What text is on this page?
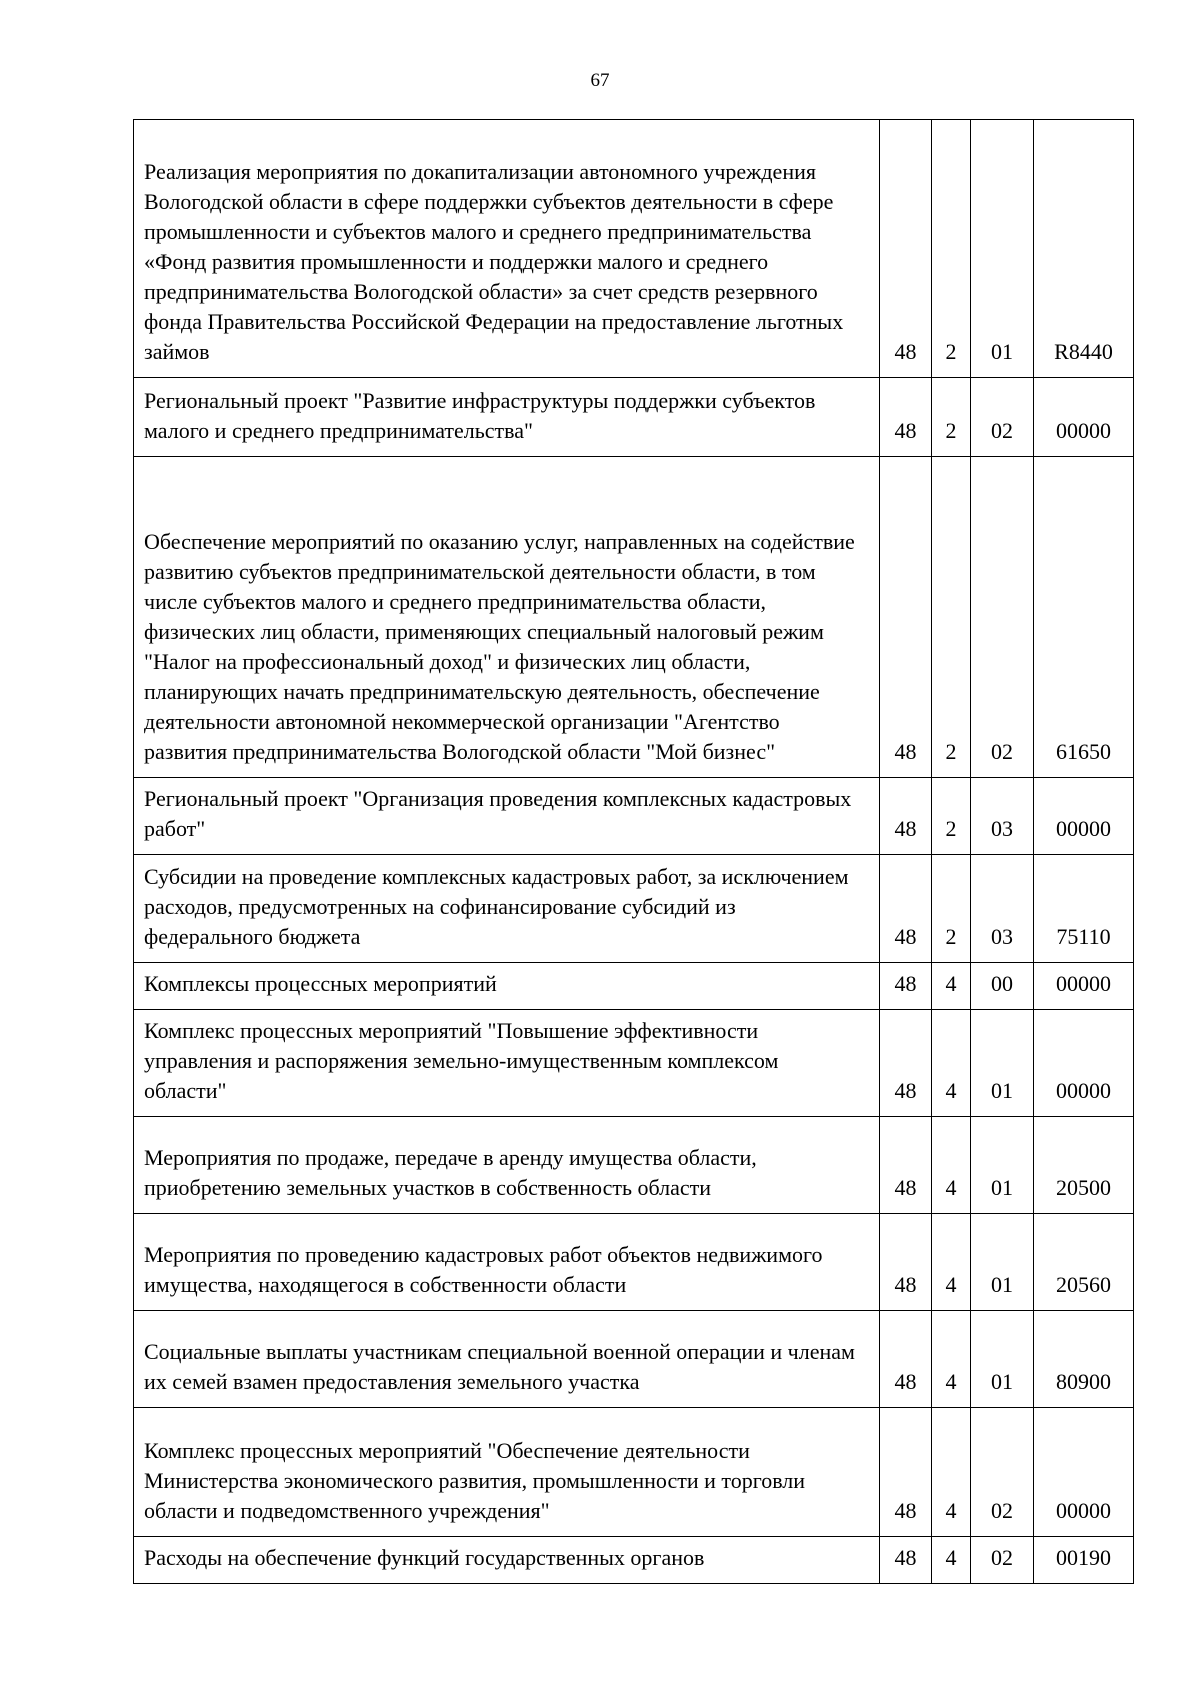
67
Реализация мероприятия по докапитализации автономного учреждения Вологодской области в сфере поддержки субъектов деятельности в сфере промышленности и субъектов малого и среднего предпринимательства «Фонд развития промышленности и поддержки малого и среднего предпринимательства Вологодской области» за счет средств резервного фонда Правительства Российской Федерации на предоставление льготных займов	48	2	01	R8440
Региональный проект "Развитие инфраструктуры поддержки субъектов малого и среднего предпринимательства"	48	2	02	00000
Обеспечение мероприятий по оказанию услуг, направленных на содействие развитию субъектов предпринимательской деятельности области, в том числе субъектов малого и среднего предпринимательства области, физических лиц области, применяющих специальный налоговый режим "Налог на профессиональный доход" и физических лиц области, планирующих начать предпринимательскую деятельность, обеспечение деятельности автономной некоммерческой организации "Агентство развития предпринимательства Вологодской области "Мой бизнес"	48	2	02	61650
Региональный проект "Организация проведения комплексных кадастровых работ"	48	2	03	00000
Субсидии на проведение комплексных кадастровых работ, за исключением расходов, предусмотренных на софинансирование субсидий из федерального бюджета	48	2	03	75110
Комплексы процессных мероприятий	48	4	00	00000
Комплекс процессных мероприятий "Повышение эффективности управления и распоряжения земельно-имущественным комплексом области"	48	4	01	00000
Мероприятия по продаже, передаче в аренду имущества области, приобретению земельных участков в собственность области	48	4	01	20500
Мероприятия по проведению кадастровых работ объектов недвижимого имущества, находящегося в собственности области	48	4	01	20560
Социальные выплаты участникам специальной военной операции и членам их семей взамен предоставления земельного участка	48	4	01	80900
Комплекс процессных мероприятий "Обеспечение деятельности Министерства экономического развития, промышленности и торговли области и подведомственного учреждения"	48	4	02	00000
Расходы на обеспечение функций государственных органов	48	4	02	00190
